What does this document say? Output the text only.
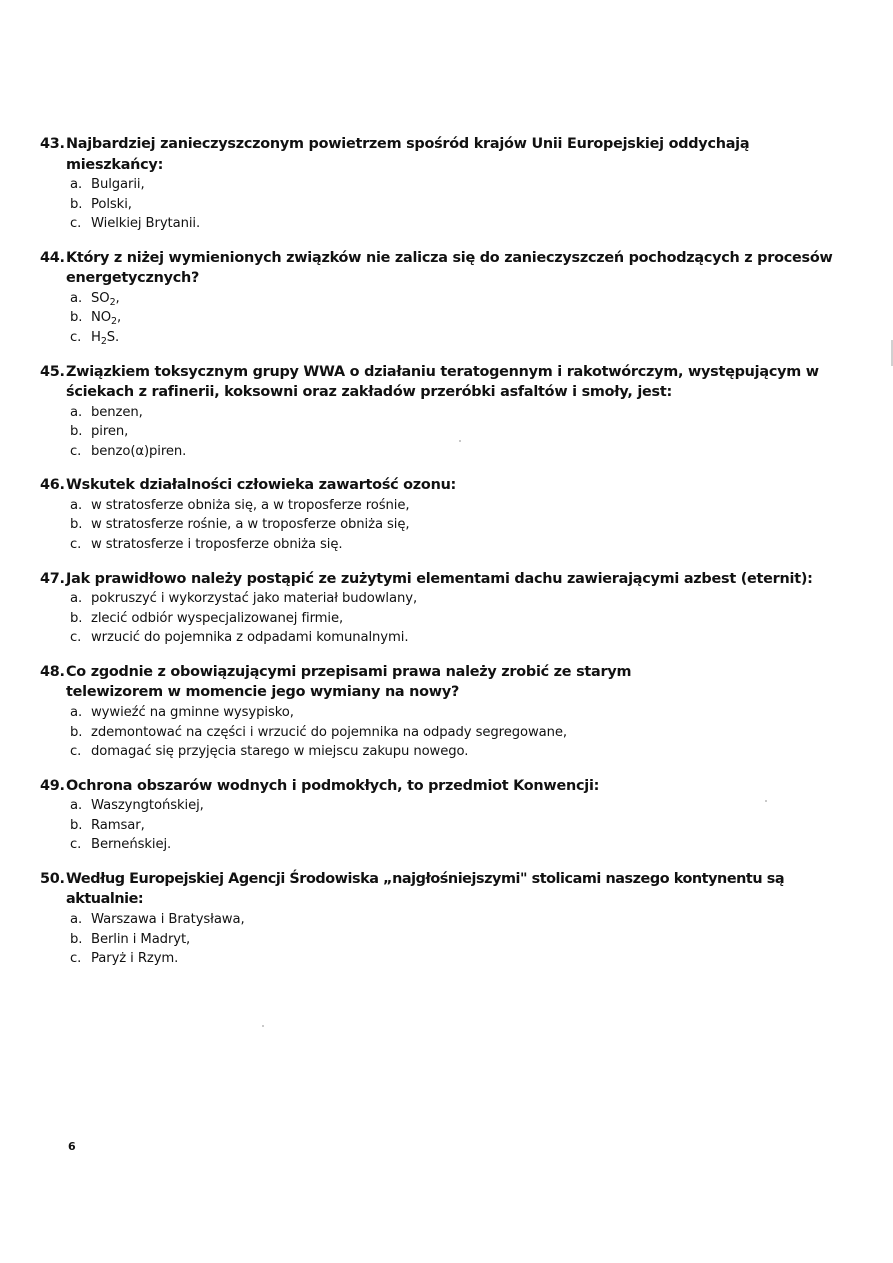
43. Najbardziej zanieczyszczonym powietrzem spośród krajów Unii Europejskiej oddychają mieszkańcy:
a. Bulgarii,
b. Polski,
c. Wielkiej Brytanii.
44. Który z niżej wymienionych związków nie zalicza się do zanieczyszczeń pochodzących z procesów energetycznych?
a. $SO_2$,
b. $NO_2$,
c. $H_2S$.
45. Związkiem toksycznym grupy WWA o działaniu teratogennym i rakotwórczym, występującym w ściekach z rafinerii, koksowni oraz zakładów przeróbki asfaltów i smoły, jest:
a. benzen,
b. piren,
c. benzo(α)piren.
46. Wskutek działalności człowieka zawartość ozonu:
a. w stratosferze obniża się, a w troposferze rośnie,
b. w stratosferze rośnie, a w troposferze obniża się,
c. w stratosferze i troposferze obniża się.
47. Jak prawidłowo należy postąpić ze zużytymi elementami dachu zawierającymi azbest (eternit):
a. pokruszyć i wykorzystać jako materiał budowlany,
b. zlecić odbiór wyspecjalizowanej firmie,
c. wrzucić do pojemnika z odpadami komunalnymi.
48. Co zgodnie z obowiązującymi przepisami prawa należy zrobić ze starym telewizorem w momencie jego wymiany na nowy?
a. wywieźć na gminne wysypisko,
b. zdemontować na części i wrzucić do pojemnika na odpady segregowane,
c. domagać się przyjęcia starego w miejscu zakupu nowego.
49. Ochrona obszarów wodnych i podmokłych, to przedmiot Konwencji:
a. Waszyngtońskiej,
b. Ramsar,
c. Berneńskiej.
50. Według Europejskiej Agencji Środowiska „najgłośniejszymi" stolicami naszego kontynentu są aktualnie:
a. Warszawa i Bratysława,
b. Berlin i Madryt,
c. Paryż i Rzym.
6
